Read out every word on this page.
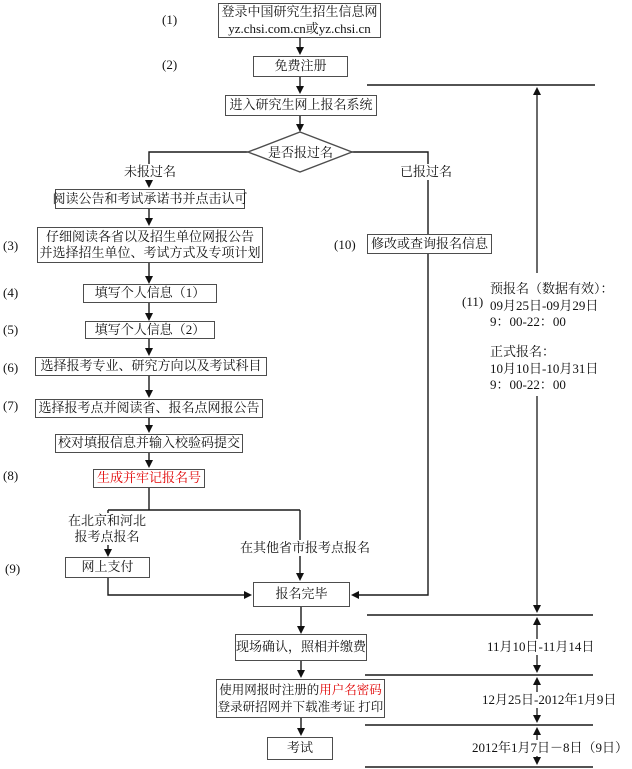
(1)
(2)
(3)
(4)
(5)
(6)
(7)
(8)
(9)
(10)
(11)
登录中国研究生招生信息网
yz.chsi.com.cn或yz.chsi.cn
免费注册
进入研究生网上报名系统
是否报过名
未报过名	已报过名
阅读公告和考试承诺书并点击认可
仔细阅读各省以及招生单位网报公告
并选择招生单位、考试方式及专项计划
填写个人信息（1）
填写个人信息（2）
选择报考专业、研究方向以及考试科目
选择报考点并阅读省、报名点网报公告
校对填报信息并输入校验码提交
生成并牢记报名号
在北京和河北
报考点报名
在其他省市报考点报名
网上支付
修改或查询报名信息
报名完毕
现场确认，照相并缴费
使用网报时注册的用户名密码
登录研招网并下载准考证 打印
考试
预报名（数据有效）：
09月25日-09月29日
9：00-22：00
正式报名：
10月10日-10月31日
9：00-22：00
11月10日-11月14日
12月25日-2012年1月9日
2012年1月7日－8日（9日）
